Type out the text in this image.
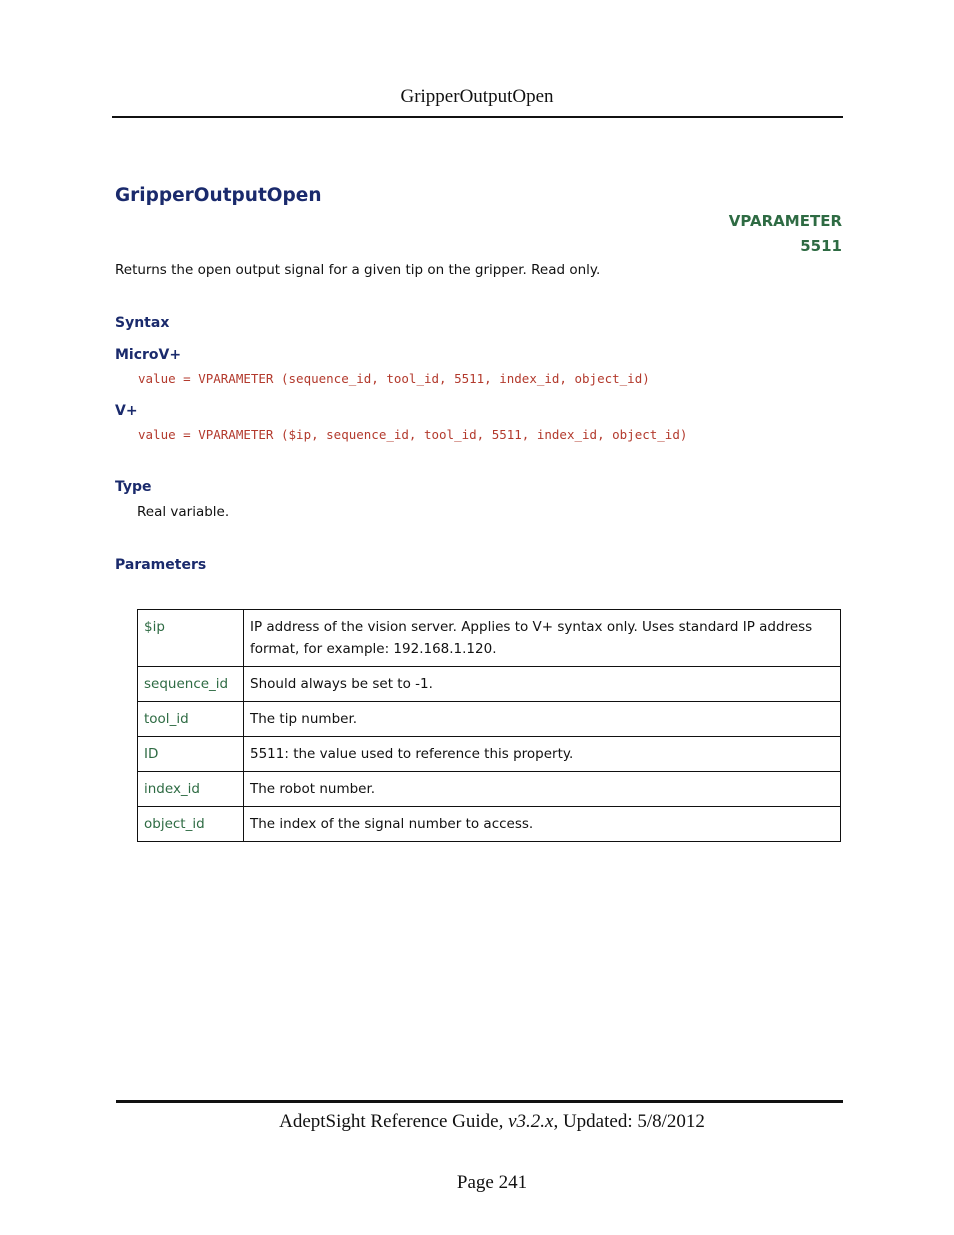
GripperOutputOpen
GripperOutputOpen
VPARAMETER
5511
Returns the open output signal for a given tip on the gripper. Read only.
Syntax
MicroV+
value = VPARAMETER (sequence_id, tool_id, 5511, index_id, object_id)
V+
value = VPARAMETER ($ip, sequence_id, tool_id, 5511, index_id, object_id)
Type
Real variable.
Parameters
$ip	IP address of the vision server. Applies to V+ syntax only. Uses standard IP address format, for example: 192.168.1.120.
sequence_id	Should always be set to -1.
tool_id	The tip number.
ID	5511: the value used to reference this property.
index_id	The robot number.
object_id	The index of the signal number to access.
AdeptSight Reference Guide, v3.2.x, Updated: 5/8/2012
Page 241
